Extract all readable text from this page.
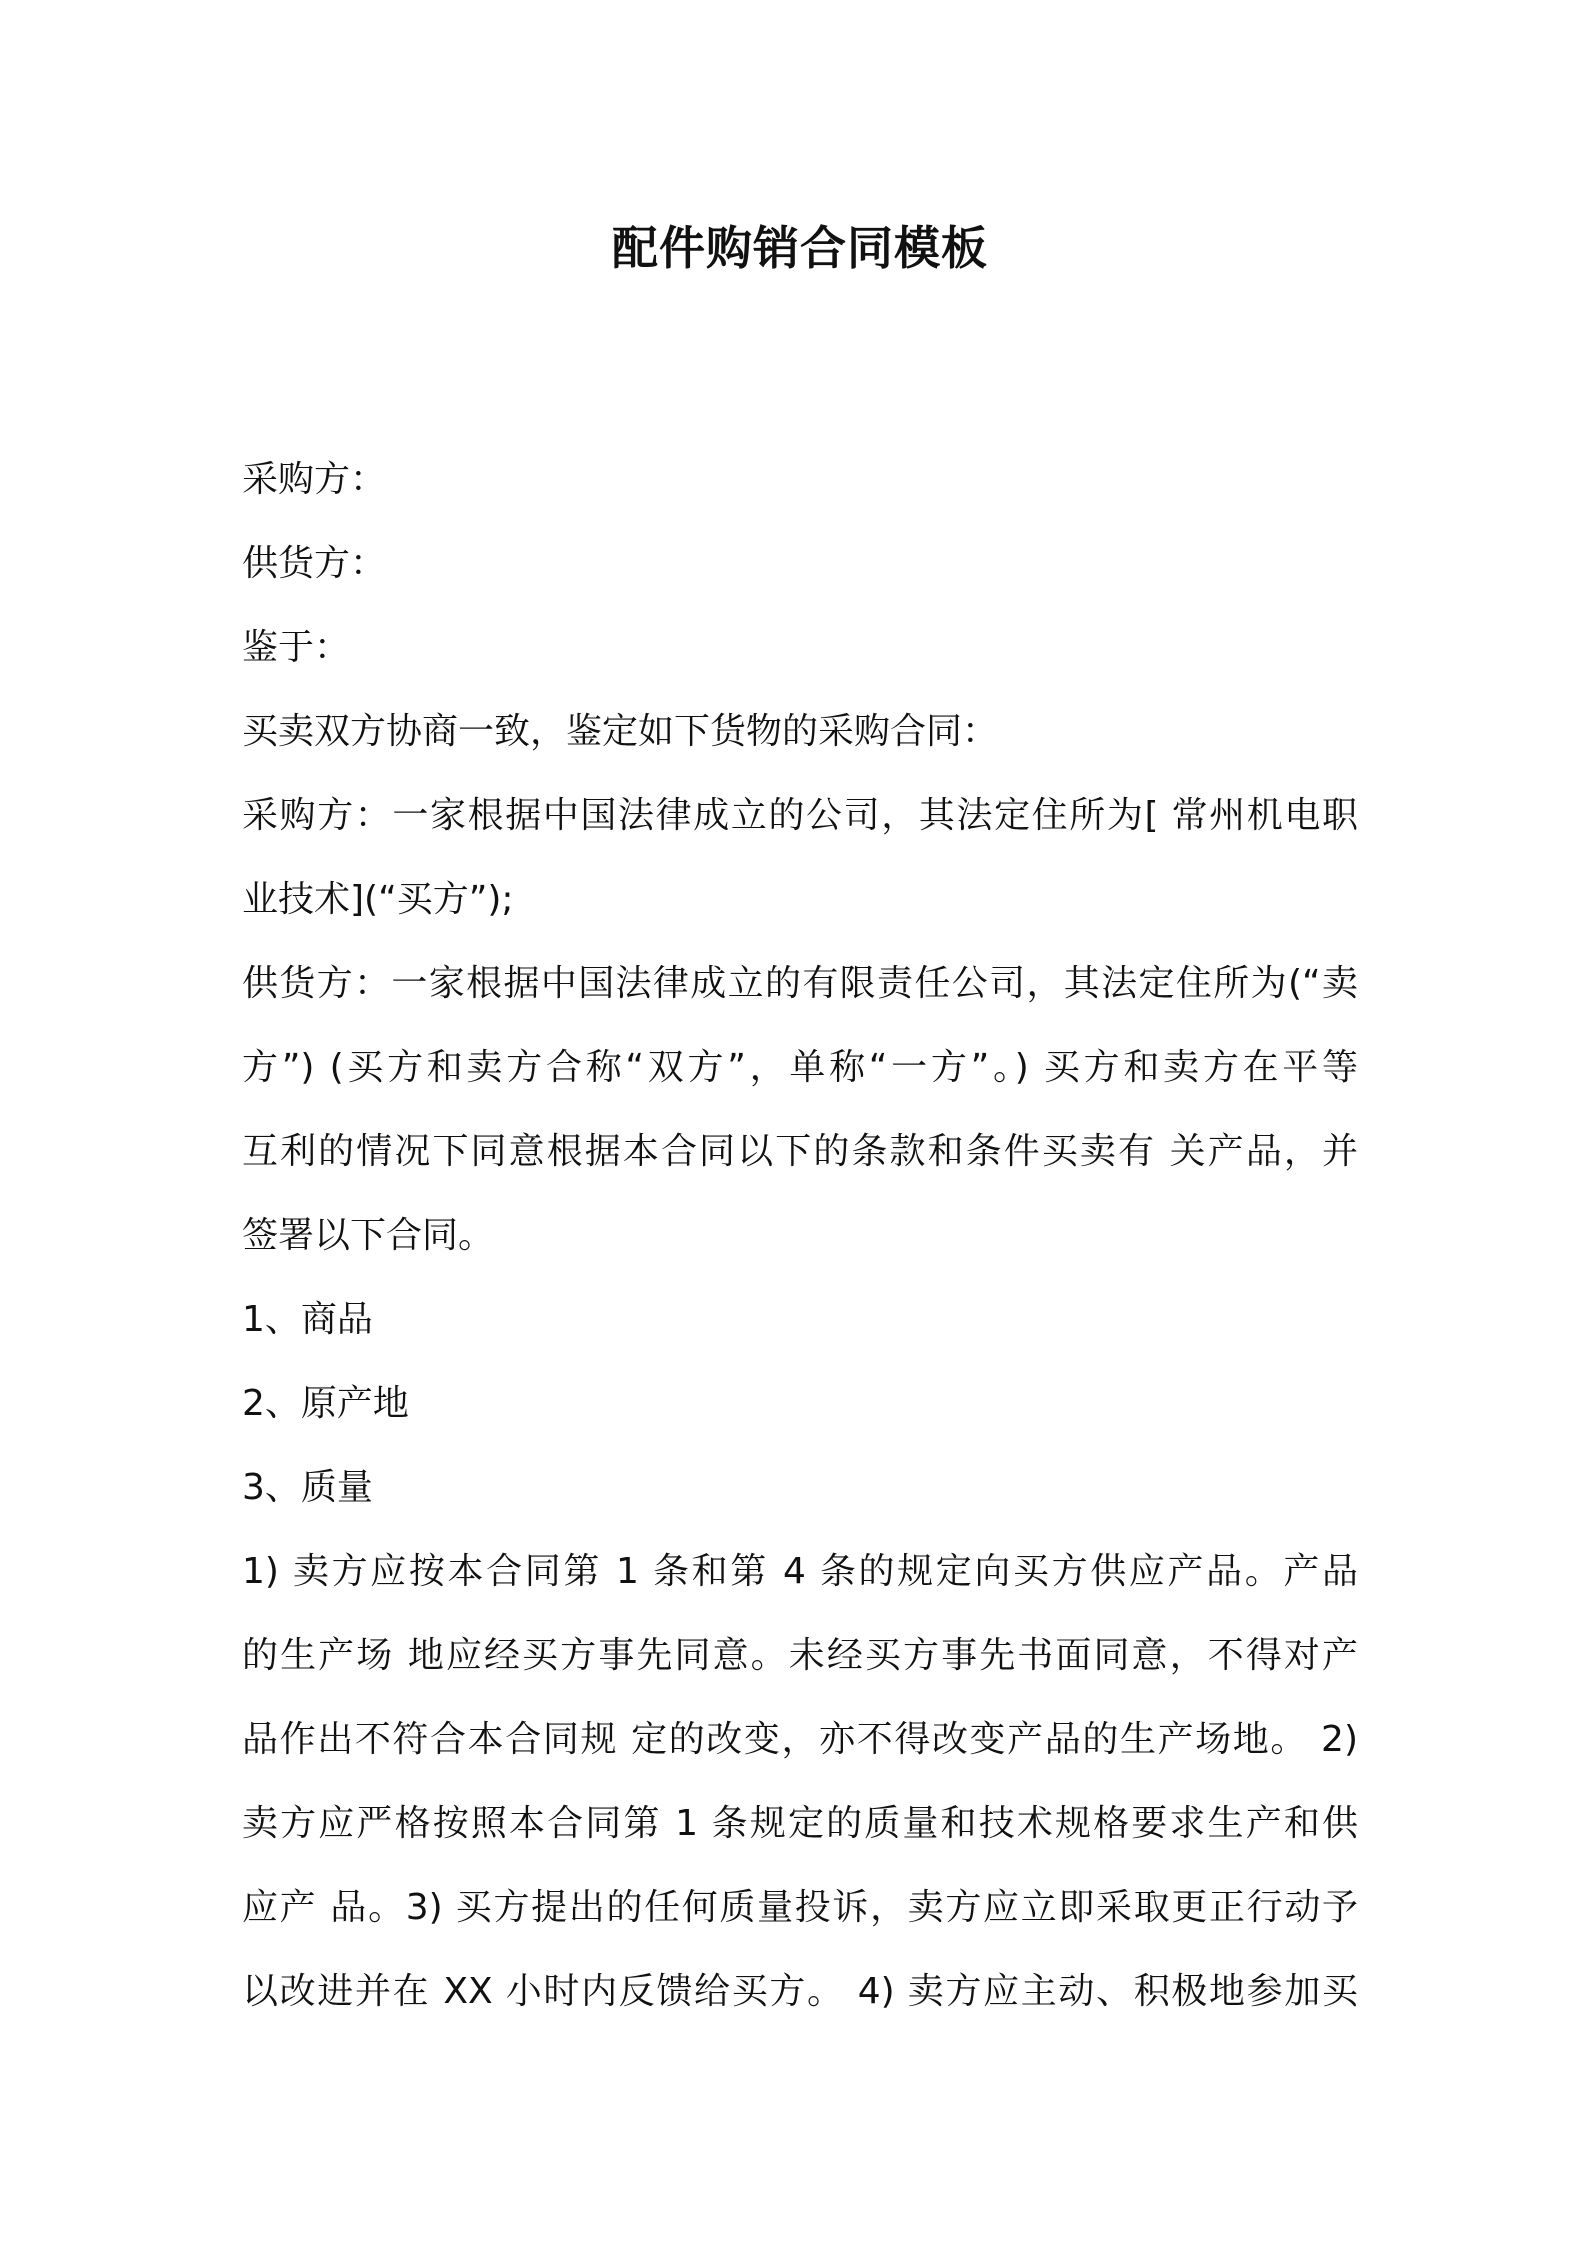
配件购销合同模板
采购方：
供货方：
鉴于：
买卖双方协商一致，鉴定如下货物的采购合同：
采购方：一家根据中国法律成立的公司，其法定住所为[ 常州机电职
业技术](“买方”);
供货方：一家根据中国法律成立的有限责任公司，其法定住所为(“卖
方”) (买方和卖方合称“双方”，单称“一方”。) 买方和卖方在平等
互利的情况下同意根据本合同以下的条款和条件买卖有 关产品，并
签署以下合同。
1、商品
2、原产地
3、质量
1) 卖方应按本合同第 1 条和第 4 条的规定向买方供应产品。产品
的生产场 地应经买方事先同意。未经买方事先书面同意，不得对产
品作出不符合本合同规 定的改变，亦不得改变产品的生产场地。 2)
卖方应严格按照本合同第 1 条规定的质量和技术规格要求生产和供
应产 品。3) 买方提出的任何质量投诉，卖方应立即采取更正行动予
以改进并在 XX 小时内反馈给买方。 4) 卖方应主动、积极地参加买
